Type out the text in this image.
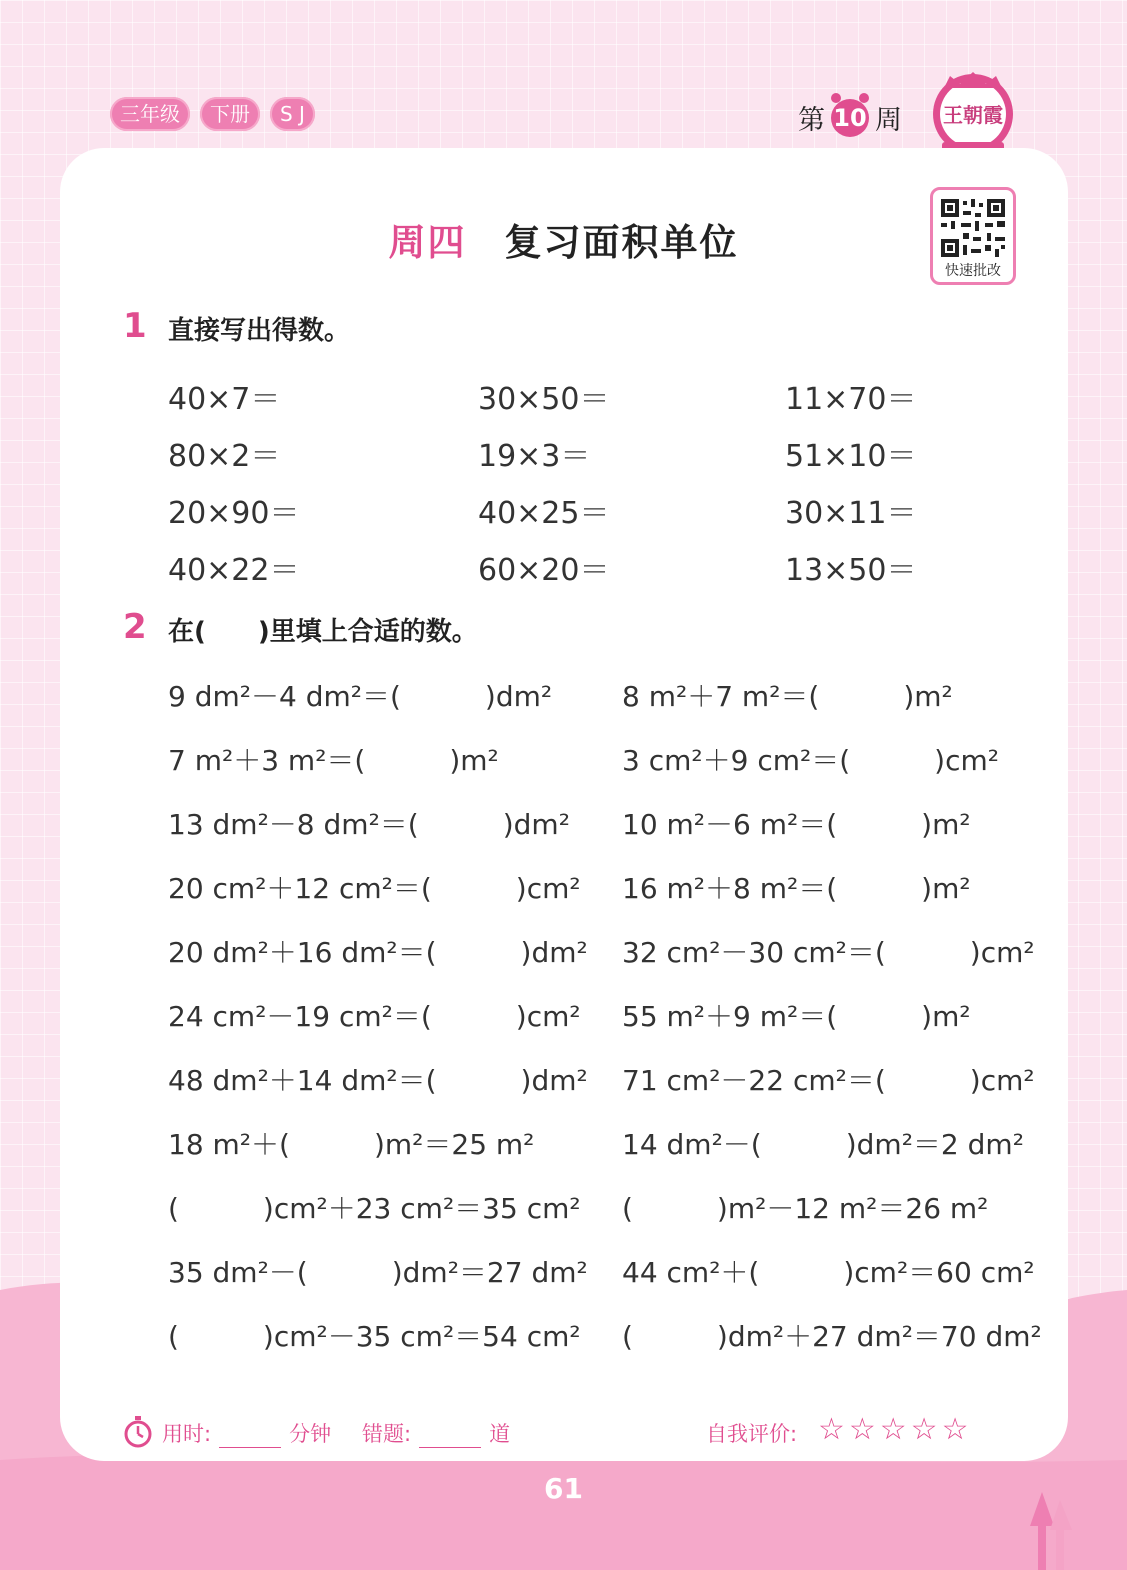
三年级	下册	S J	第 10 周 王朝霞
周四 复习面积单位
快速批改
1 直接写出得数。
40×7＝	30×50＝	11×70＝
80×2＝	19×3＝	51×10＝
20×90＝	40×25＝	30×11＝
40×22＝	60×20＝	13×50＝
2 在(　　)里填上合适的数。
9 dm²－4 dm²＝(　　　)dm² 8 m²＋7 m²＝(　　　)m²
7 m²＋3 m²＝(　　　)m²	3 cm²＋9 cm²＝(　　　)cm²
13 dm²－8 dm²＝(　　　)dm² 10 m²－6 m²＝(　　　)m²
20 cm²＋12 cm²＝(　　　)cm² 16 m²＋8 m²＝(　　　)m²
20 dm²＋16 dm²＝(　　　)dm² 32 cm²－30 cm²＝(　　　)cm²
24 cm²－19 cm²＝(　　　)cm² 55 m²＋9 m²＝(　　　)m²
48 dm²＋14 dm²＝(　　　)dm² 71 cm²－22 cm²＝(　　　)cm²
18 m²＋(　　　)m²＝25 m²	14 dm²－(　　　)dm²＝2 dm²
(　　　)cm²＋23 cm²＝35 cm² (　　　)m²－12 m²＝26 m²
35 dm²－(　　　)dm²＝27 dm² 44 cm²＋(　　　)cm²＝60 cm²
(　　　)cm²－35 cm²＝54 cm² (　　　)dm²＋27 dm²＝70 dm²
用时:	分钟 错题:	道	自我评价: ☆☆☆☆☆
61
